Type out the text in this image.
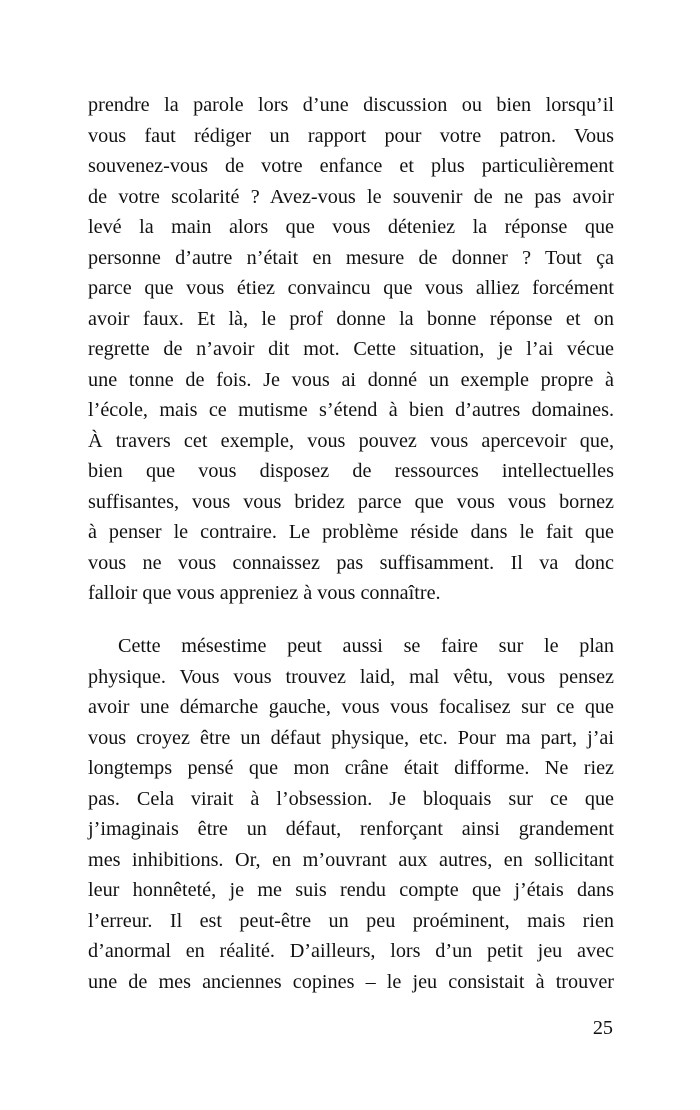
prendre la parole lors d’une discussion ou bien lorsqu’il
vous faut rédiger un rapport pour votre patron. Vous
souvenez-vous de votre enfance et plus particulièrement
de votre scolarité ? Avez-vous le souvenir de ne pas avoir
levé la main alors que vous déteniez la réponse que
personne d’autre n’était en mesure de donner ? Tout ça
parce que vous étiez convaincu que vous alliez forcément
avoir faux. Et là, le prof donne la bonne réponse et on
regrette de n’avoir dit mot. Cette situation, je l’ai vécue
une tonne de fois. Je vous ai donné un exemple propre à
l’école, mais ce mutisme s’étend à bien d’autres domaines.
À travers cet exemple, vous pouvez vous apercevoir que,
bien que vous disposez de ressources intellectuelles
suffisantes, vous vous bridez parce que vous vous bornez
à penser le contraire. Le problème réside dans le fait que
vous ne vous connaissez pas suffisamment. Il va donc
falloir que vous appreniez à vous connaître.
Cette mésestime peut aussi se faire sur le plan
physique. Vous vous trouvez laid, mal vêtu, vous pensez
avoir une démarche gauche, vous vous focalisez sur ce que
vous croyez être un défaut physique, etc. Pour ma part, j’ai
longtemps pensé que mon crâne était difforme. Ne riez
pas. Cela virait à l’obsession. Je bloquais sur ce que
j’imaginais être un défaut, renforçant ainsi grandement
mes inhibitions. Or, en m’ouvrant aux autres, en sollicitant
leur honnêteté, je me suis rendu compte que j’étais dans
l’erreur. Il est peut-être un peu proéminent, mais rien
d’anormal en réalité. D’ailleurs, lors d’un petit jeu avec
une de mes anciennes copines – le jeu consistait à trouver
25
